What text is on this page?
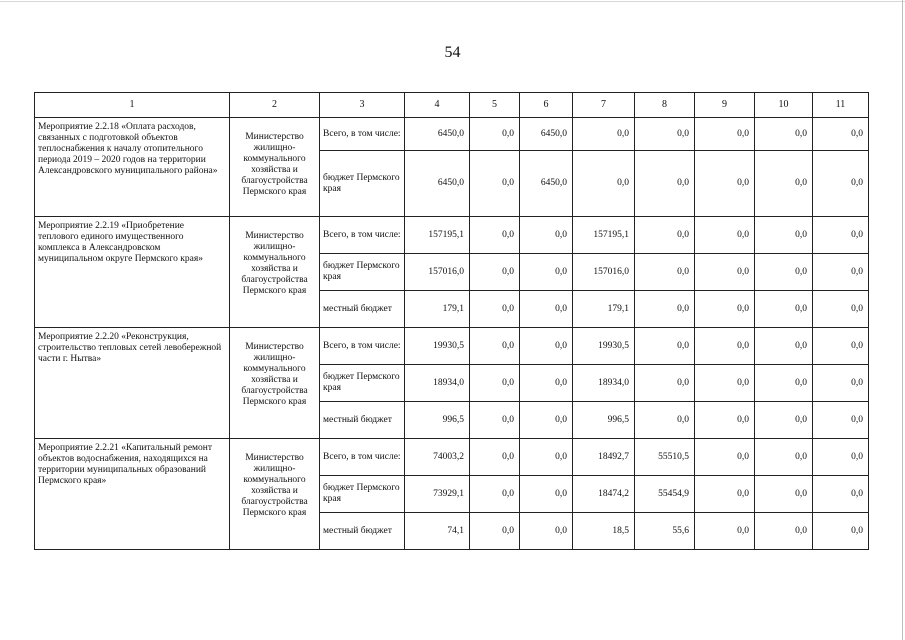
54
1	2	3	4	5	6	7	8	9	10	11
Мероприятие 2.2.18 «Оплата расходов, связанных с подготовкой объектов теплоснабжения к началу отопительного периода 2019 – 2020 годов на территории Александровского муниципального района»	Министерство жилищно-коммунального хозяйства и благоустройства Пермского края	Всего, в том числе:	6450,0	0,0	6450,0	0,0	0,0	0,0	0,0	0,0
		бюджет Пермского края	6450,0	0,0	6450,0	0,0	0,0	0,0	0,0	0,0
Мероприятие 2.2.19 «Приобретение теплового единого имущественного комплекса в Александровском муниципальном округе Пермского края»	Министерство жилищно-коммунального хозяйства и благоустройства Пермского края	Всего, в том числе:	157195,1	0,0	0,0	157195,1	0,0	0,0	0,0	0,0
		бюджет Пермского края	157016,0	0,0	0,0	157016,0	0,0	0,0	0,0	0,0
		местный бюджет	179,1	0,0	0,0	179,1	0,0	0,0	0,0	0,0
Мероприятие 2.2.20 «Реконструкция, строительство тепловых сетей левобережной части г. Нытва»	Министерство жилищно-коммунального хозяйства и благоустройства Пермского края	Всего, в том числе:	19930,5	0,0	0,0	19930,5	0,0	0,0	0,0	0,0
		бюджет Пермского края	18934,0	0,0	0,0	18934,0	0,0	0,0	0,0	0,0
		местный бюджет	996,5	0,0	0,0	996,5	0,0	0,0	0,0	0,0
Мероприятие 2.2.21 «Капитальный ремонт объектов водоснабжения, находящихся на территории муниципальных образований Пермского края»	Министерство жилищно-коммунального хозяйства и благоустройства Пермского края	Всего, в том числе:	74003,2	0,0	0,0	18492,7	55510,5	0,0	0,0	0,0
		бюджет Пермского края	73929,1	0,0	0,0	18474,2	55454,9	0,0	0,0	0,0
		местный бюджет	74,1	0,0	0,0	18,5	55,6	0,0	0,0	0,0
